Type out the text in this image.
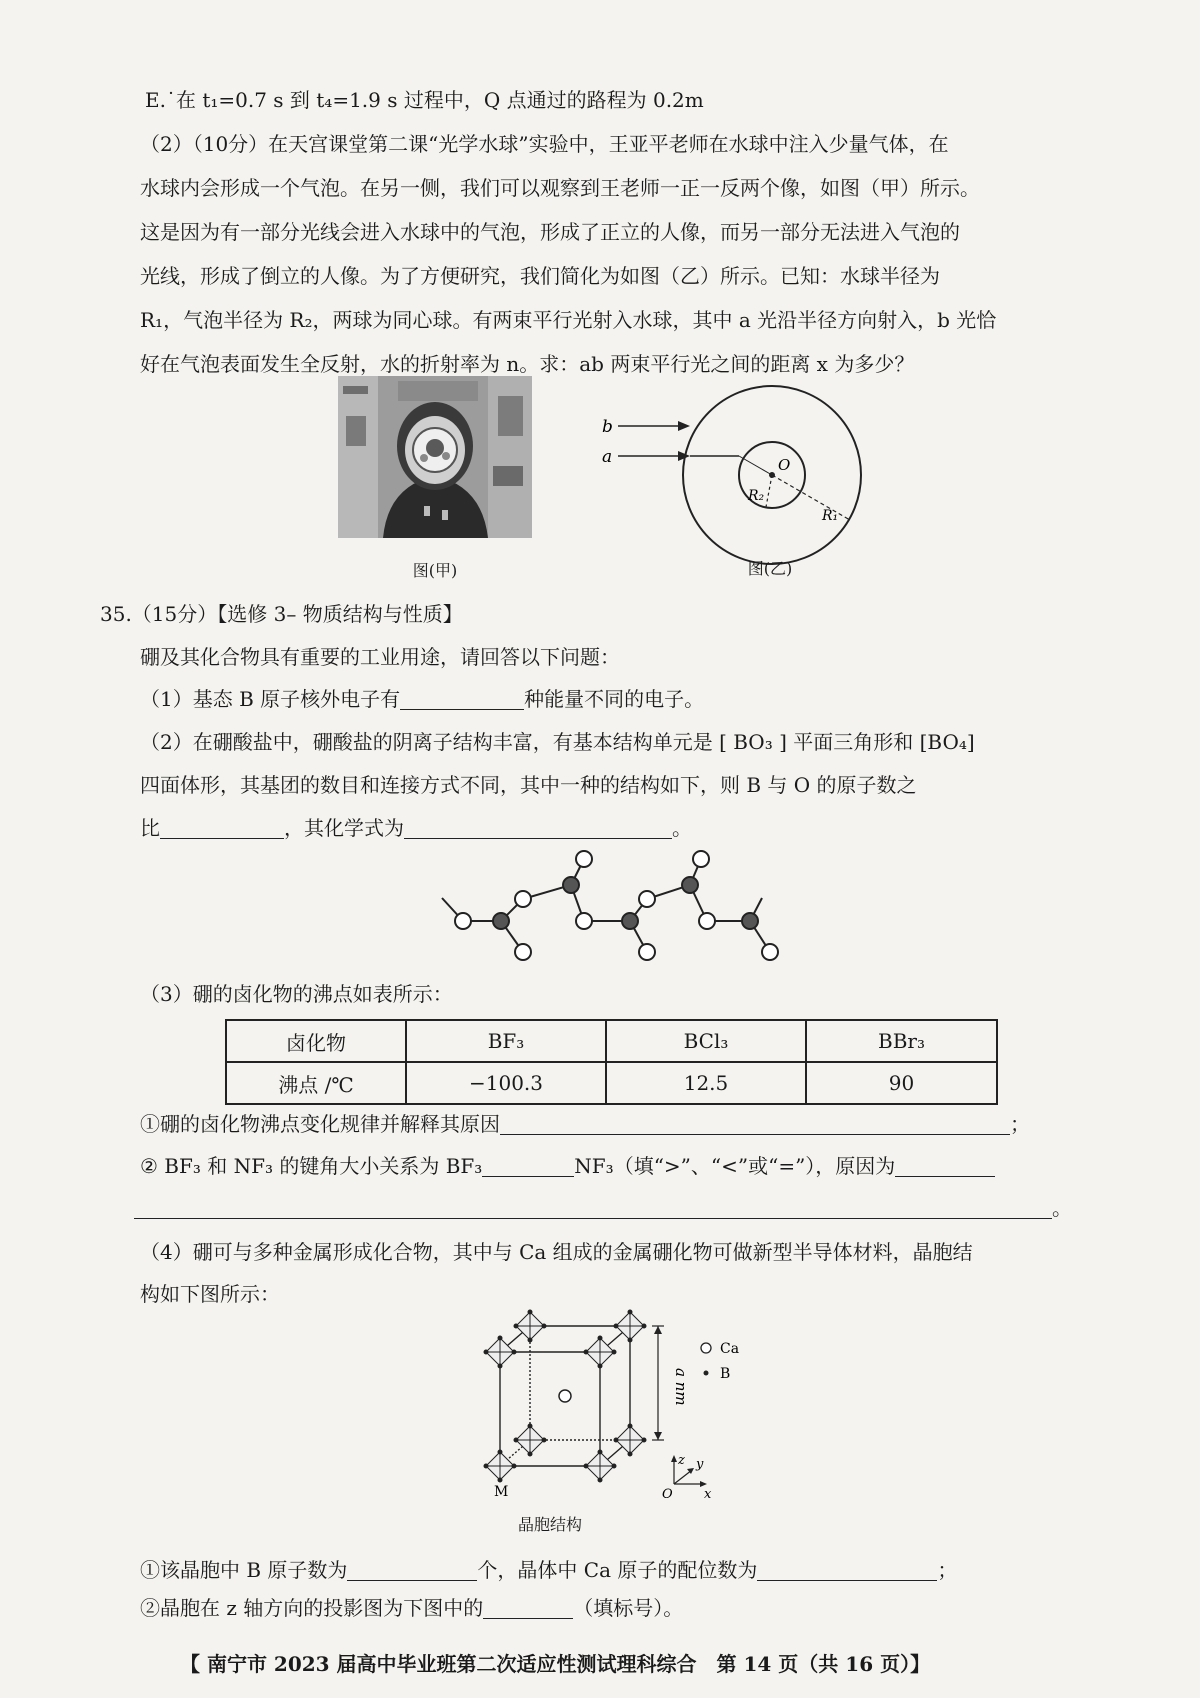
E.˙在 t₁=0.7 s 到 t₄=1.9 s 过程中，Q 点通过的路程为 0.2m
（2）（10分）在天宫课堂第二课“光学水球”实验中，王亚平老师在水球中注入少量气体，在
水球内会形成一个气泡。在另一侧，我们可以观察到王老师一正一反两个像，如图（甲）所示。
这是因为有一部分光线会进入水球中的气泡，形成了正立的人像，而另一部分无法进入气泡的
光线，形成了倒立的人像。为了方便研究，我们简化为如图（乙）所示。已知：水球半径为
R₁，气泡半径为 R₂，两球为同心球。有两束平行光射入水球，其中 a 光沿半径方向射入，b 光恰
好在气泡表面发生全反射，水的折射率为 n。求：ab 两束平行光之间的距离 x 为多少？
图(甲)
b
a	O
R₂
R₁
图(乙)
35.（15分）【选修 3– 物质结构与性质】
硼及其化合物具有重要的工业用途，请回答以下问题：
（1）基态 B 原子核外电子有	种能量不同的电子。
（2）在硼酸盐中，硼酸盐的阴离子结构丰富，有基本结构单元是 [ BO₃ ] 平面三角形和 [BO₄]
四面体形，其基团的数目和连接方式不同，其中一种的结构如下，则 B 与 O 的原子数之
比	，其化学式为	。
（3）硼的卤化物的沸点如表所示：
卤化物	BF₃	BCl₃	BBr₃
沸点 /℃	−100.3	12.5	90
①硼的卤化物沸点变化规律并解释其原因	；
② BF₃ 和 NF₃ 的键角大小关系为 BF₃	NF₃（填“>”、“<”或“=”），原因为
。
（4）硼可与多种金属形成化合物，其中与 Ca 组成的金属硼化物可做新型半导体材料，晶胞结
构如下图所示：
a nm
Ca
B
z y
x
O
M
晶胞结构
①该晶胞中 B 原子数为	个，晶体中 Ca 原子的配位数为	；
②晶胞在 z 轴方向的投影图为下图中的	（填标号）。
【 南宁市 2023 届高中毕业班第二次适应性测试理科综合　第 14 页（共 16 页）】
